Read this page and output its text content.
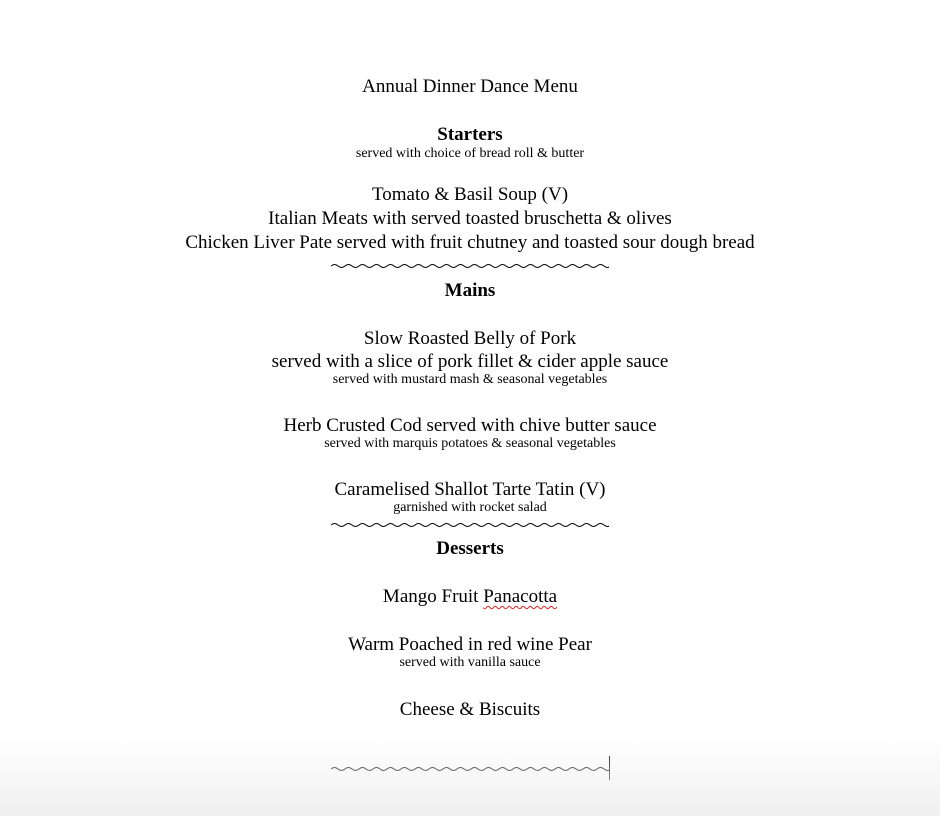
Annual Dinner Dance Menu
Starters
served with choice of bread roll & butter
Tomato & Basil Soup (V)
Italian Meats with served toasted bruschetta & olives
Chicken Liver Pate served with fruit chutney and toasted sour dough bread
Mains
Slow Roasted Belly of Pork
served with a slice of pork fillet & cider apple sauce
served with mustard mash & seasonal vegetables
Herb Crusted Cod served with chive butter sauce
served with marquis potatoes & seasonal vegetables
Caramelised Shallot Tarte Tatin (V)
garnished with rocket salad
Desserts
Mango Fruit Panacotta
Warm Poached in red wine Pear
served with vanilla sauce
Cheese & Biscuits
